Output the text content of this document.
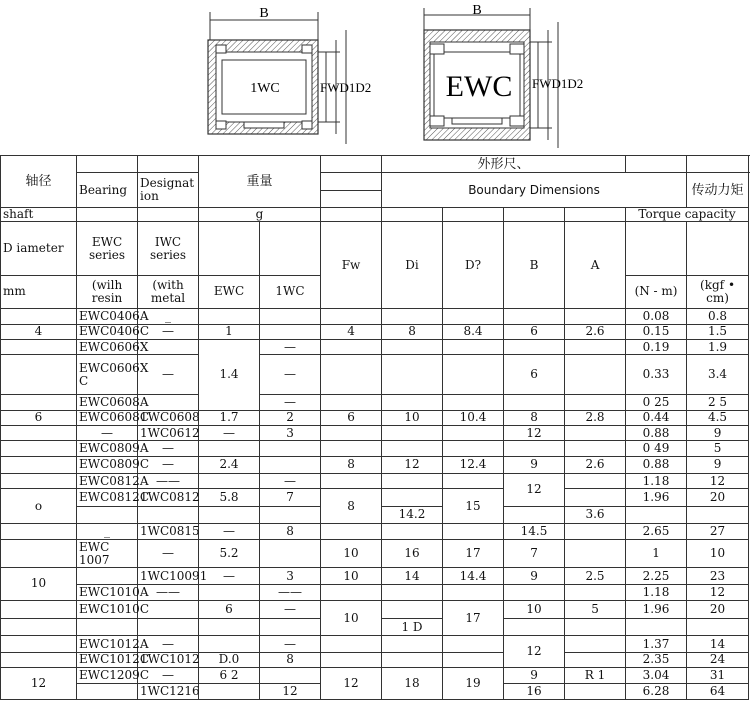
B
1WC	FWD1D2
B
EWC FWD1D2
轴径			重量			外形尺、					
	Bearing	Designat ion				Boundary Dimensions					传动力矩

shaft			g							Torque capacity	
D iameter	EWC series	IWC series			Fw	Di	D?	B	A		
mm	(wilh resin	(with metal	EWC	1WC						(N - m)	(kgf • cm)
	EWC0406A	_								0.08	0.8
4	EWC0406C	—	1		4	8	8.4	6	2.6	0.15	1.5
	EWC0606X		1.4	—						0.19	1.9
	EWC0606X C	—		—				6		0.33	3.4
	EWC0608A			—						0 25	2 5
6	EWC0608C	1WC0608	1.7	2	6	10	10.4	8	2.8	0.44	4.5
	—	1WC0612	—	3				12		0.88	9
	EWC0809A	—								0 49	5
	EWC0809C	—	2.4		8	12	12.4	9	2.6	0.88	9
	EWC0812A	——		—				12		1.18	12
o	EWC0812C	1WC0812	5.8	7	8		15			1.96	20
						14.2			3.6		
	_	1WC0815	—	8				14.5		2.65	27
	EWC 1007	—	5.2		10	16	17	7		1	10
10		1WC10091	—	3	10	14	14.4	9	2.5	2.25	23
	EWC1010A	——		——						1.18	12
	EWC1010C		6	—	10		17	10	5	1.96	20
						1 D					
	EWC1012A	—		—				12		1.37	14
	EWC1012C	1WC1012	D.0	8						2.35	24
12	EWC1209C	—	6 2		12	18	19	9	R 1	3.04	31
		1WC1216		12				16		6.28	64
